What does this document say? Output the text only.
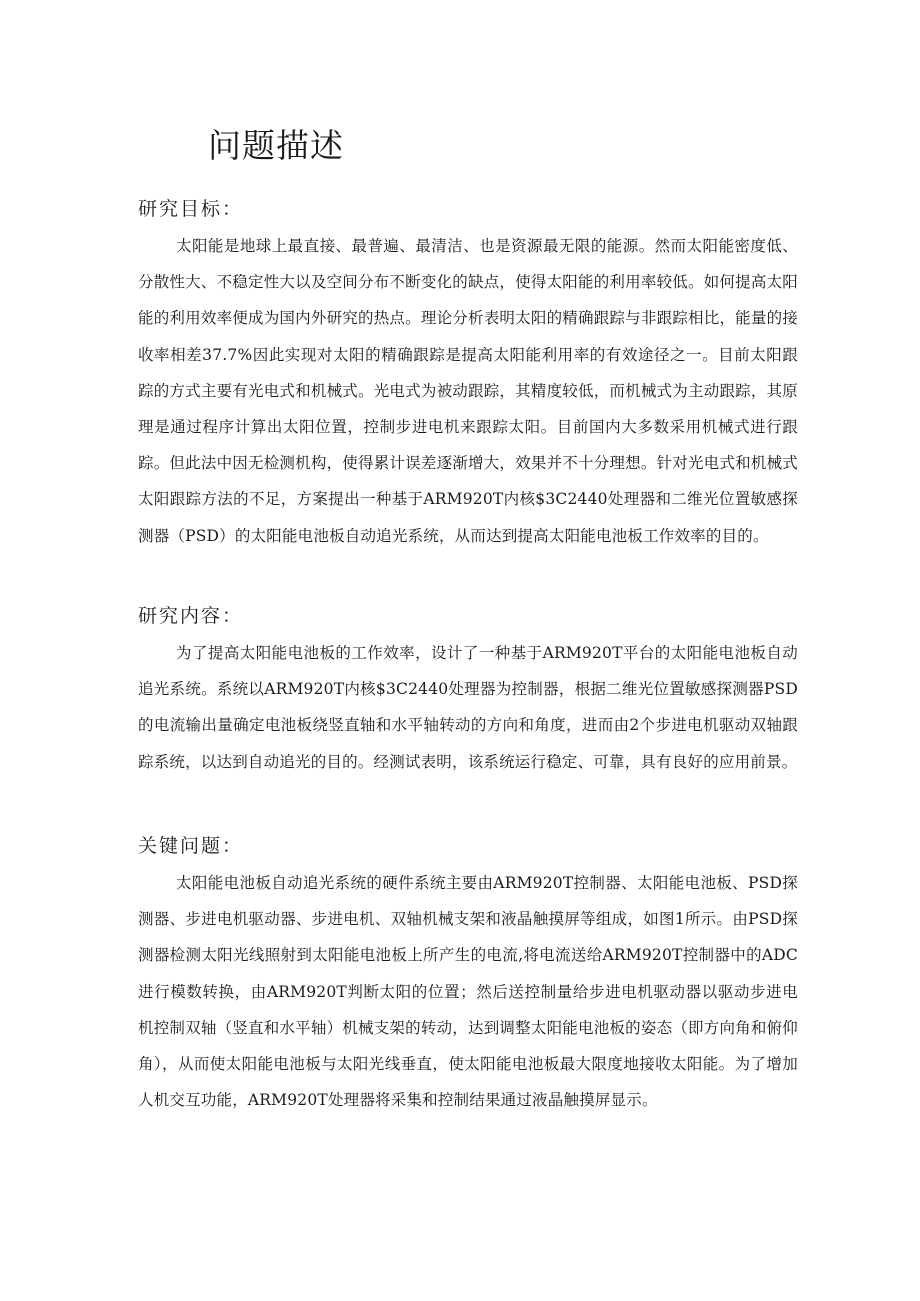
问题描述
研究目标：

太阳能是地球上最直接、最普遍、最清洁、也是资源最无限的能源。然而太阳能密度低、分散性大、不稳定性大以及空间分布不断变化的缺点，使得太阳能的利用率较低。如何提高太阳能的利用效率便成为国内外研究的热点。理论分析表明太阳的精确跟踪与非跟踪相比，能量的接收率相差37.7%因此实现对太阳的精确跟踪是提高太阳能利用率的有效途径之一。目前太阳跟踪的方式主要有光电式和机械式。光电式为被动跟踪，其精度较低，而机械式为主动跟踪，其原理是通过程序计算出太阳位置，控制步进电机来跟踪太阳。目前国内大多数采用机械式进行跟踪。但此法中因无检测机构，使得累计误差逐渐增大，效果并不十分理想。针对光电式和机械式太阳跟踪方法的不足，方案提出一种基于ARM920T内核$3C2440处理器和二维光位置敏感探测器（PSD）的太阳能电池板自动追光系统，从而达到提高太阳能电池板工作效率的目的。

研究内容：

为了提高太阳能电池板的工作效率，设计了一种基于ARM920T平台的太阳能电池板自动追光系统。系统以ARM920T内核$3C2440处理器为控制器，根据二维光位置敏感探测器PSD的电流输出量确定电池板绕竖直轴和水平轴转动的方向和角度，进而由2个步进电机驱动双轴跟踪系统，以达到自动追光的目的。经测试表明，该系统运行稳定、可靠，具有良好的应用前景。

关键问题：

太阳能电池板自动追光系统的硬件系统主要由ARM920T控制器、太阳能电池板、PSD探测器、步进电机驱动器、步进电机、双轴机械支架和液晶触摸屏等组成，如图1所示。由PSD探测器检测太阳光线照射到太阳能电池板上所产生的电流,将电流送给ARM920T控制器中的ADC进行模数转换，由ARM920T判断太阳的位置；然后送控制量给步进电机驱动器以驱动步进电机控制双轴（竖直和水平轴）机械支架的转动，达到调整太阳能电池板的姿态（即方向角和俯仰角），从而使太阳能电池板与太阳光线垂直，使太阳能电池板最大限度地接收太阳能。为了增加人机交互功能，ARM920T处理器将采集和控制结果通过液晶触摸屏显示。
